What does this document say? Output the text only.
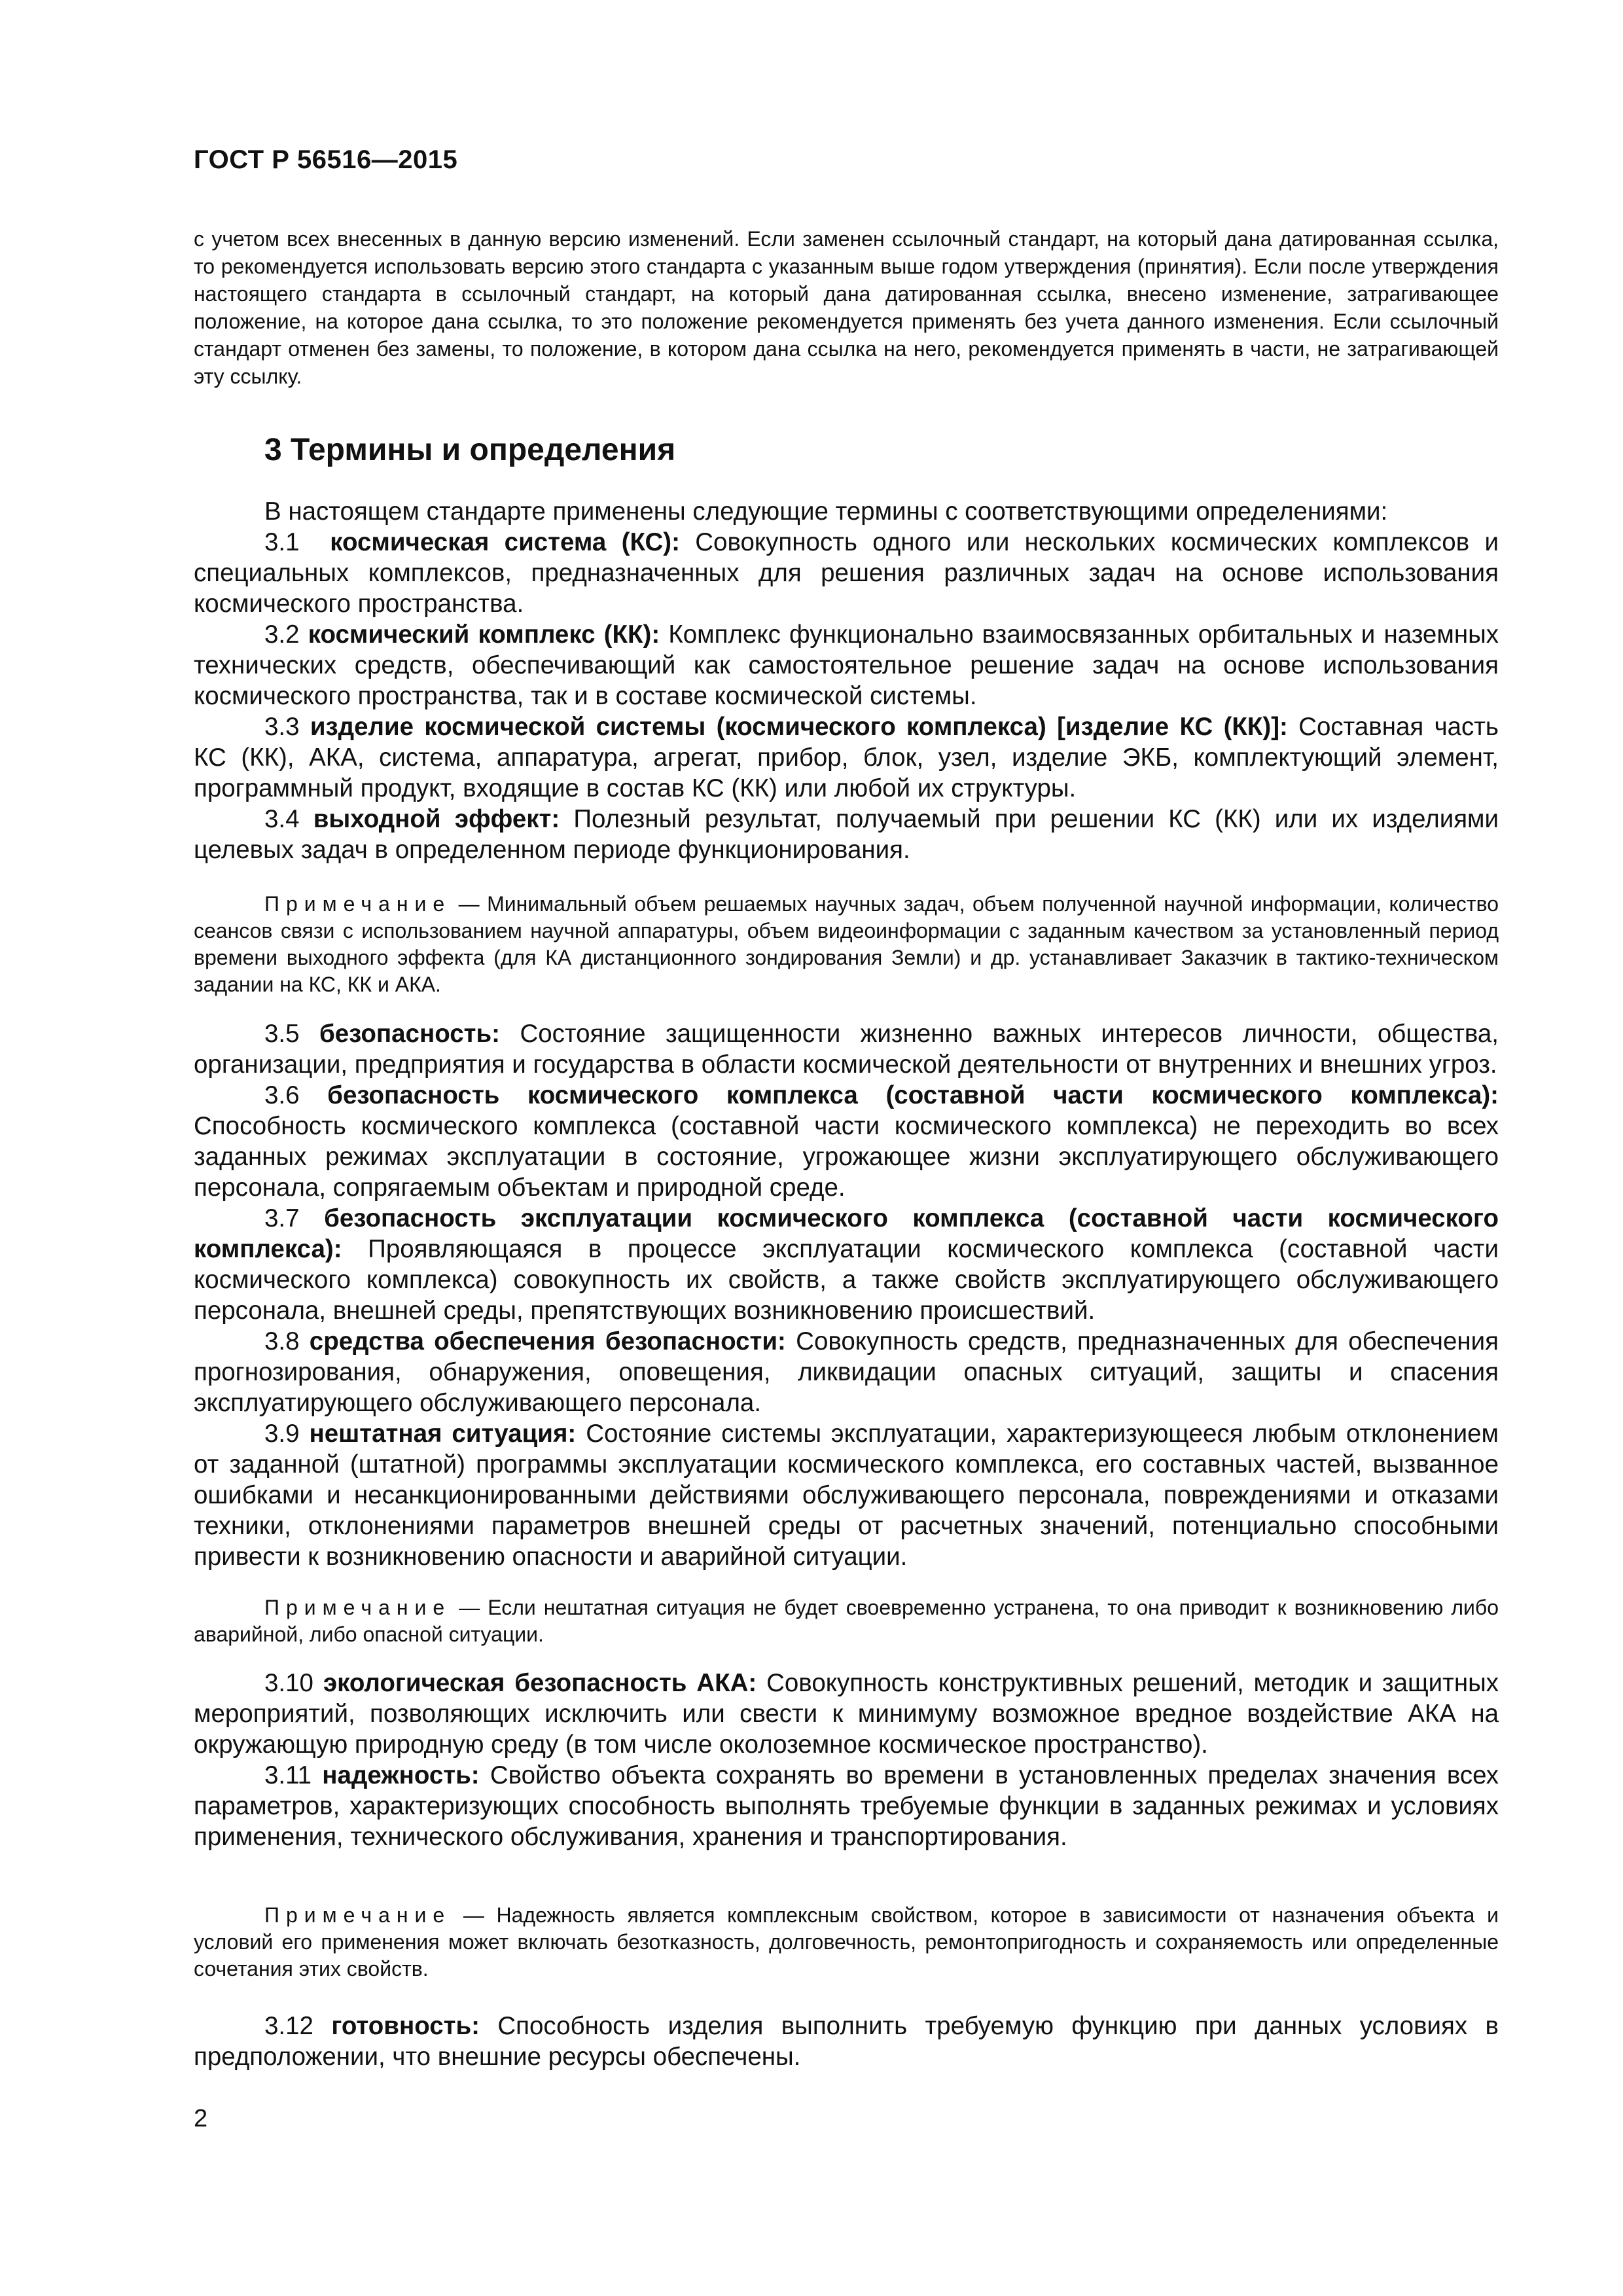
ГОСТ Р 56516—2015
с учетом всех внесенных в данную версию изменений. Если заменен ссылочный стандарт, на который дана датированная ссылка, то рекомендуется использовать версию этого стандарта с указанным выше годом утверждения (принятия). Если после утверждения настоящего стандарта в ссылочный стандарт, на который дана датированная ссылка, внесено изменение, затрагивающее положение, на которое дана ссылка, то это положение рекомендуется применять без учета данного изменения. Если ссылочный стандарт отменен без замены, то положение, в котором дана ссылка на него, рекомендуется применять в части, не затрагивающей эту ссылку.
3 Термины и определения

В настоящем стандарте применены следующие термины с соответствующими определениями:

3.1 космическая система (КС): Совокупность одного или нескольких космических комплексов и специальных комплексов, предназначенных для решения различных задач на основе использования космического пространства.

3.2 космический комплекс (КК): Комплекс функционально взаимосвязанных орбитальных и наземных технических средств, обеспечивающий как самостоятельное решение задач на основе использования космического пространства, так и в составе космической системы.

3.3 изделие космической системы (космического комплекса) [изделие КС (КК)]: Составная часть КС (КК), АКА, система, аппаратура, агрегат, прибор, блок, узел, изделие ЭКБ, комплектующий элемент, программный продукт, входящие в состав КС (КК) или любой их структуры.

3.4 выходной эффект: Полезный результат, получаемый при решении КС (КК) или их изделиями целевых задач в определенном периоде функционирования.

Примечание — Минимальный объем решаемых научных задач, объем полученной научной информации, количество сеансов связи с использованием научной аппаратуры, объем видеоинформации с заданным качеством за установленный период времени выходного эффекта (для КА дистанционного зондирования Земли) и др. устанавливает Заказчик в тактико-техническом задании на КС, КК и АКА.

3.5 безопасность: Состояние защищенности жизненно важных интересов личности, общества, организации, предприятия и государства в области космической деятельности от внутренних и внешних угроз.

3.6 безопасность космического комплекса (составной части космического комплекса): Способность космического комплекса (составной части космического комплекса) не переходить во всех заданных режимах эксплуатации в состояние, угрожающее жизни эксплуатирующего обслуживающего персонала, сопрягаемым объектам и природной среде.

3.7 безопасность эксплуатации космического комплекса (составной части космического комплекса): Проявляющаяся в процессе эксплуатации космического комплекса (составной части космического комплекса) совокупность их свойств, а также свойств эксплуатирующего обслуживающего персонала, внешней среды, препятствующих возникновению происшествий.

3.8 средства обеспечения безопасности: Совокупность средств, предназначенных для обеспечения прогнозирования, обнаружения, оповещения, ликвидации опасных ситуаций, защиты и спасения эксплуатирующего обслуживающего персонала.

3.9 нештатная ситуация: Состояние системы эксплуатации, характеризующееся любым отклонением от заданной (штатной) программы эксплуатации космического комплекса, его составных частей, вызванное ошибками и несанкционированными действиями обслуживающего персонала, повреждениями и отказами техники, отклонениями параметров внешней среды от расчетных значений, потенциально способными привести к возникновению опасности и аварийной ситуации.

Примечание — Если нештатная ситуация не будет своевременно устранена, то она приводит к возникновению либо аварийной, либо опасной ситуации.

3.10 экологическая безопасность АКА: Совокупность конструктивных решений, методик и защитных мероприятий, позволяющих исключить или свести к минимуму возможное вредное воздействие АКА на окружающую природную среду (в том числе околоземное космическое пространство).

3.11 надежность: Свойство объекта сохранять во времени в установленных пределах значения всех параметров, характеризующих способность выполнять требуемые функции в заданных режимах и условиях применения, технического обслуживания, хранения и транспортирования.

Примечание — Надежность является комплексным свойством, которое в зависимости от назначения объекта и условий его применения может включать безотказность, долговечность, ремонтопригодность и сохраняемость или определенные сочетания этих свойств.

3.12 готовность: Способность изделия выполнить требуемую функцию при данных условиях в предположении, что внешние ресурсы обеспечены.

2
